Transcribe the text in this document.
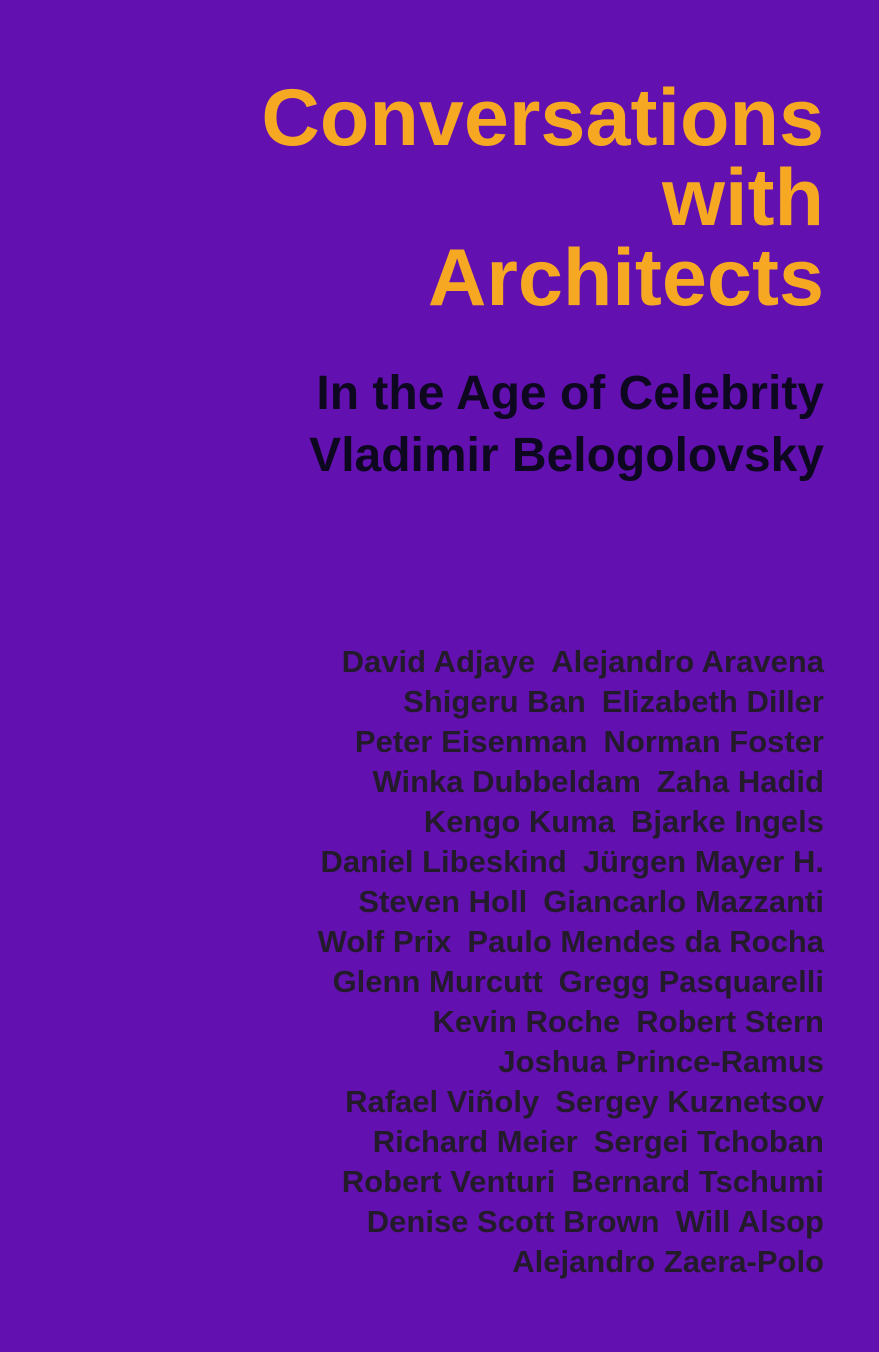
Conversations
with
Architects
In the Age of Celebrity
Vladimir Belogolovsky
David Adjaye Alejandro Aravena
Shigeru Ban Elizabeth Diller
Peter Eisenman Norman Foster
Winka Dubbeldam Zaha Hadid
Kengo Kuma Bjarke Ingels
Daniel Libeskind Jürgen Mayer H.
Steven Holl Giancarlo Mazzanti
Wolf Prix Paulo Mendes da Rocha
Glenn Murcutt Gregg Pasquarelli
Kevin Roche Robert Stern
Joshua Prince-Ramus
Rafael Viñoly Sergey Kuznetsov
Richard Meier Sergei Tchoban
Robert Venturi Bernard Tschumi
Denise Scott Brown Will Alsop
Alejandro Zaera-Polo
